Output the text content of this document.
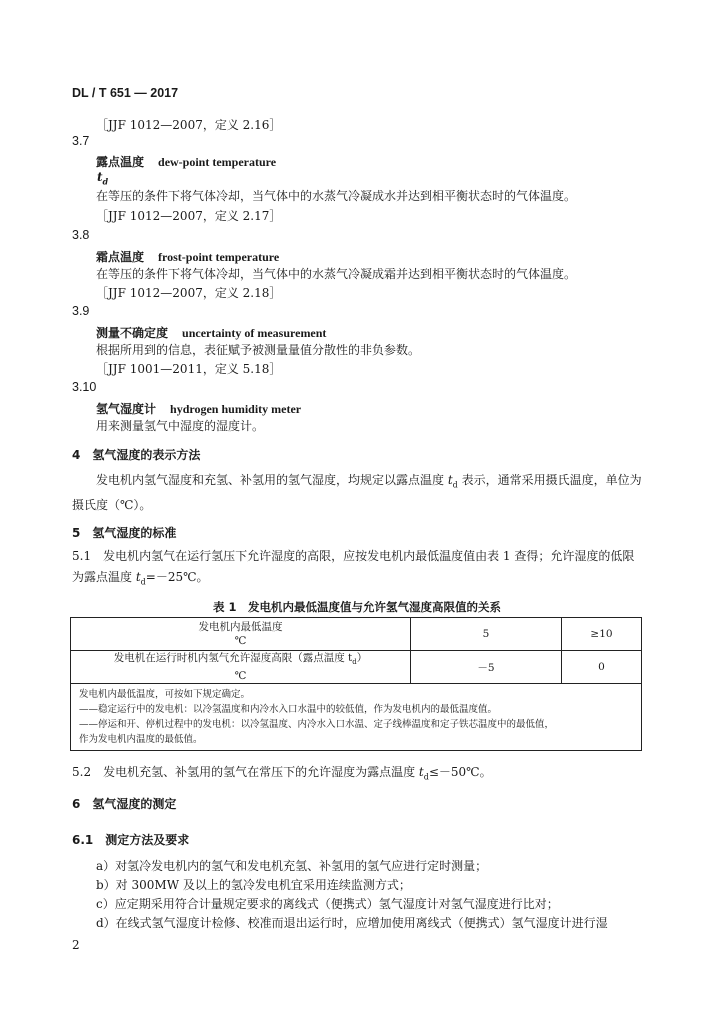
DL / T 651 — 2017
［JJF 1012—2007，定义 2.16］
3.7
露点温度 dew-point temperature
$t_d$
在等压的条件下将气体冷却，当气体中的水蒸气冷凝成水并达到相平衡状态时的气体温度。
［JJF 1012—2007，定义 2.17］
3.8
霜点温度 frost-point temperature
在等压的条件下将气体冷却，当气体中的水蒸气冷凝成霜并达到相平衡状态时的气体温度。
［JJF 1012—2007，定义 2.18］
3.9
测量不确定度 uncertainty of measurement
根据所用到的信息，表征赋予被测量量值分散性的非负参数。
［JJF 1001—2011，定义 5.18］
3.10
氢气湿度计 hydrogen humidity meter
用来测量氢气中湿度的湿度计。
4　氢气湿度的表示方法
发电机内氢气湿度和充氢、补氢用的氢气湿度，均规定以露点温度 $t_d$ 表示，通常采用摄氏温度，单位为摄氏度（℃）。
5　氢气湿度的标准
5.1　发电机内氢气在运行氢压下允许湿度的高限，应按发电机内最低温度值由表 1 查得；允许湿度的低限为露点温度 $t_d=-25℃$。
表 1　发电机内最低温度值与允许氢气湿度高限值的关系
发电机内最低温度
℃	5	≥10

发电机在运行时机内氢气允许湿度高限（露点温度 $t_d$）
℃	－5	0

发电机内最低温度，可按如下规定确定。
——稳定运行中的发电机：以冷氢温度和内冷水入口水温中的较低值，作为发电机内的最低温度值。
——停运和开、停机过程中的发电机：以冷氢温度、内冷水入口水温、定子线棒温度和定子铁芯温度中的最低值，
作为发电机内温度的最低值。		
5.2　发电机充氢、补氢用的氢气在常压下的允许湿度为露点温度 $t_d\le-50℃$。
6　氢气湿度的测定
6.1　测定方法及要求
a）对氢冷发电机内的氢气和发电机充氢、补氢用的氢气应进行定时测量；
b）对 300MW 及以上的氢冷发电机宜采用连续监测方式；
c）应定期采用符合计量规定要求的离线式（便携式）氢气湿度计对氢气湿度进行比对；
d）在线式氢气湿度计检修、校准而退出运行时，应增加使用离线式（便携式）氢气湿度计进行湿
2
